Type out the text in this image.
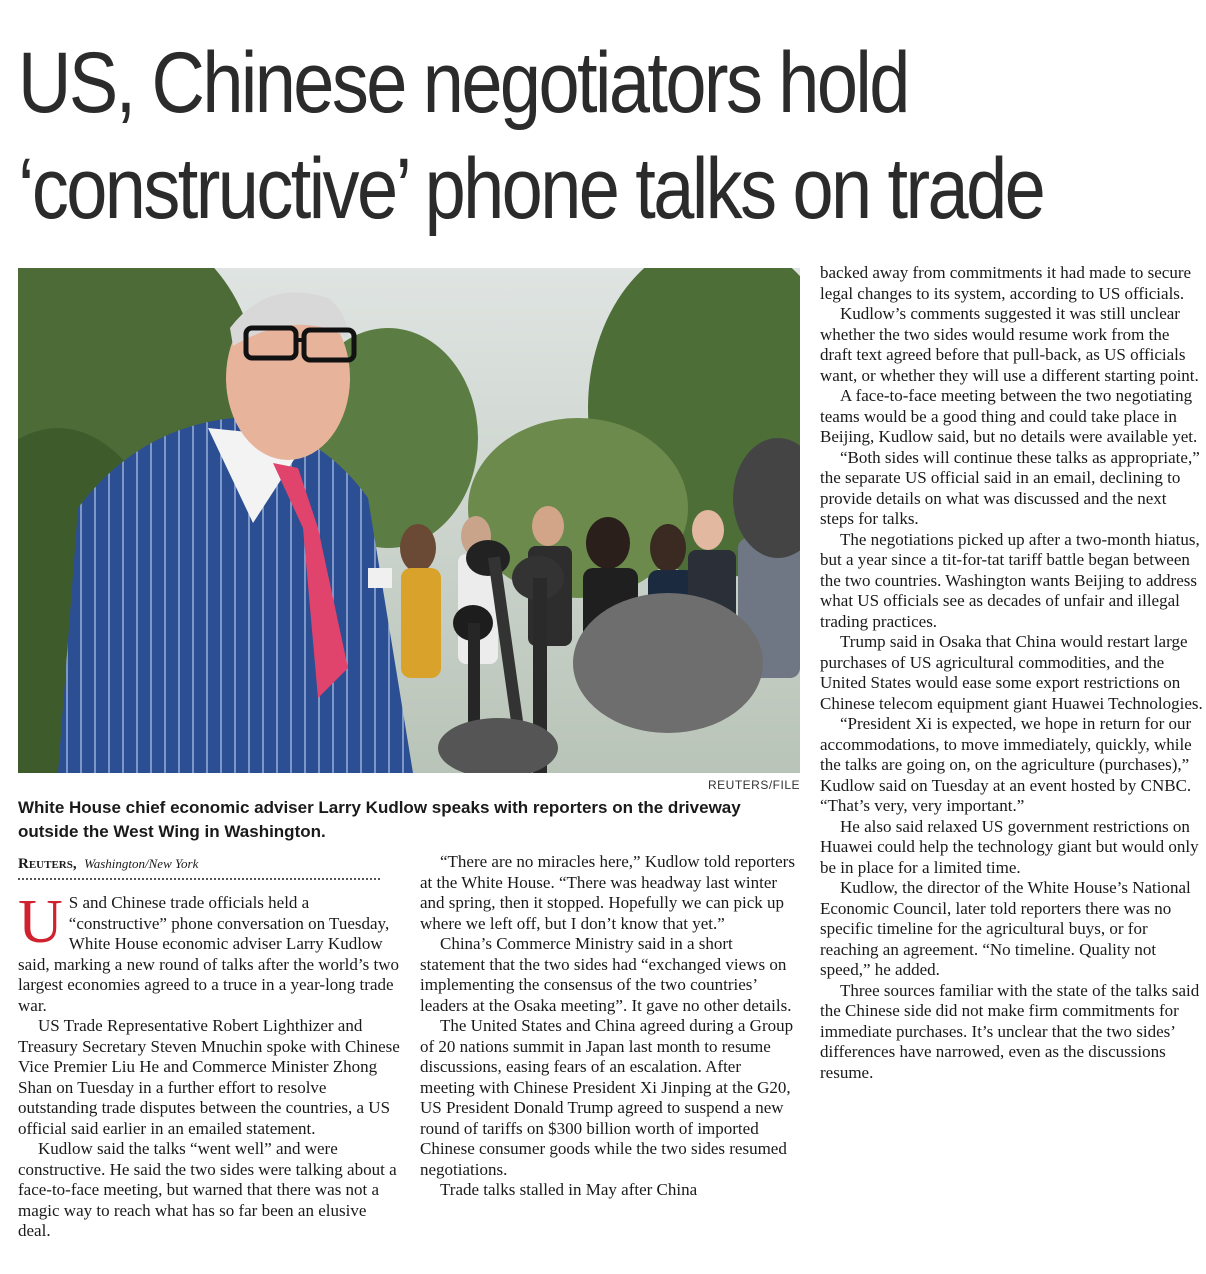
US, Chinese negotiators hold
‘constructive’ phone talks on trade
REUTERS/FILE
White House chief economic adviser Larry Kudlow speaks with reporters on the driveway outside the West Wing in Washington.
Reuters, Washington/New York

U S and Chinese trade officials held a “constructive” phone conversation on Tuesday, White House economic adviser Larry Kudlow said, marking a new round of talks after the world’s two largest economies agreed to a truce in a year-long trade war.

US Trade Representative Robert Lighthizer and Treasury Secretary Steven Mnuchin spoke with Chinese Vice Premier Liu He and Commerce Minister Zhong Shan on Tuesday in a further effort to resolve outstanding trade disputes between the countries, a US official said earlier in an emailed statement.

Kudlow said the talks “went well” and were constructive. He said the two sides were talking about a face-to-face meeting, but warned that there was not a magic way to reach what has so far been an elusive deal.

“There are no miracles here,” Kudlow told reporters at the White House. “There was headway last winter and spring, then it stopped. Hopefully we can pick up where we left off, but I don’t know that yet.”

China’s Commerce Ministry said in a short statement that the two sides had “exchanged views on implementing the consensus of the two countries’ leaders at the Osaka meeting”. It gave no other details.

The United States and China agreed during a Group of 20 nations summit in Japan last month to resume discussions, easing fears of an escalation. After meeting with Chinese President Xi Jinping at the G20, US President Donald Trump agreed to suspend a new round of tariffs on $300 billion worth of imported Chinese consumer goods while the two sides resumed negotiations.

Trade talks stalled in May after China

backed away from commitments it had made to secure legal changes to its system, according to US officials.

Kudlow’s comments suggested it was still unclear whether the two sides would resume work from the draft text agreed before that pull-back, as US officials want, or whether they will use a different starting point.

A face-to-face meeting between the two negotiating teams would be a good thing and could take place in Beijing, Kudlow said, but no details were available yet.

“Both sides will continue these talks as appropriate,” the separate US official said in an email, declining to provide details on what was discussed and the next steps for talks.

The negotiations picked up after a two-month hiatus, but a year since a tit-for-tat tariff battle began between the two countries. Washington wants Beijing to address what US officials see as decades of unfair and illegal trading practices.

Trump said in Osaka that China would restart large purchases of US agricultural commodities, and the United States would ease some export restrictions on Chinese telecom equipment giant Huawei Technologies.

“President Xi is expected, we hope in return for our accommodations, to move immediately, quickly, while the talks are going on, on the agriculture (purchases),” Kudlow said on Tuesday at an event hosted by CNBC. “That’s very, very important.”

He also said relaxed US government restrictions on Huawei could help the technology giant but would only be in place for a limited time.

Kudlow, the director of the White House’s National Economic Council, later told reporters there was no specific timeline for the agricultural buys, or for reaching an agreement. “No timeline. Quality not speed,” he added.

Three sources familiar with the state of the talks said the Chinese side did not make firm commitments for immediate purchases. It’s unclear that the two sides’ differences have narrowed, even as the discussions resume.
